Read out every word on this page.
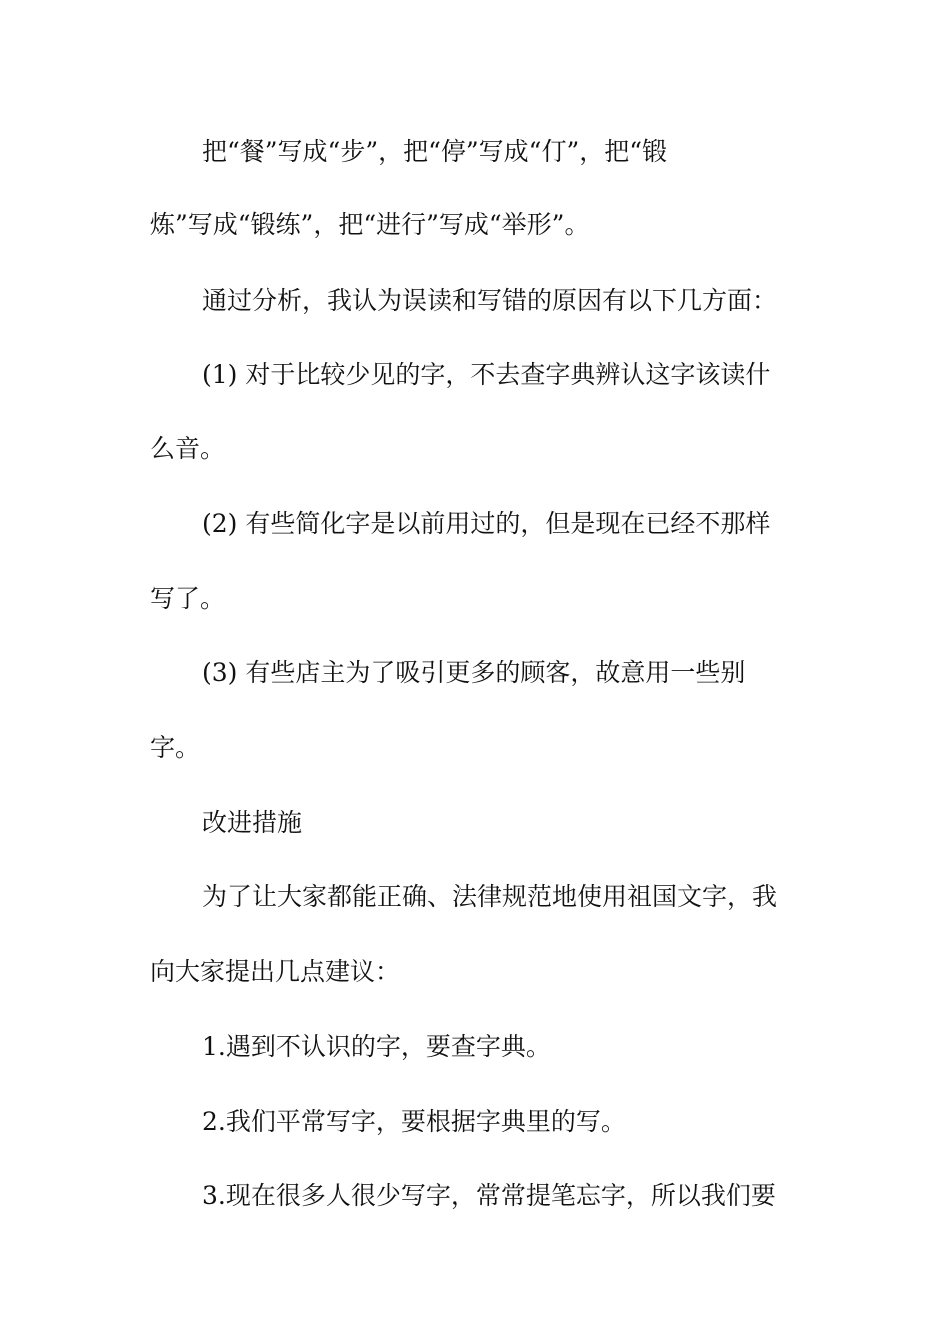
把“餐”写成“步”，把“停”写成“仃”，把“锻

炼”写成“锻练”，把“进行”写成“举形”。

通过分析，我认为误读和写错的原因有以下几方面：

(1) 对于比较少见的字，不去查字典辨认这字该读什

么音。

(2) 有些简化字是以前用过的，但是现在已经不那样

写了。

(3) 有些店主为了吸引更多的顾客，故意用一些别

字。

改进措施

为了让大家都能正确、法律规范地使用祖国文字，我

向大家提出几点建议：

1.遇到不认识的字，要查字典。

2.我们平常写字，要根据字典里的写。

3.现在很多人很少写字，常常提笔忘字，所以我们要
